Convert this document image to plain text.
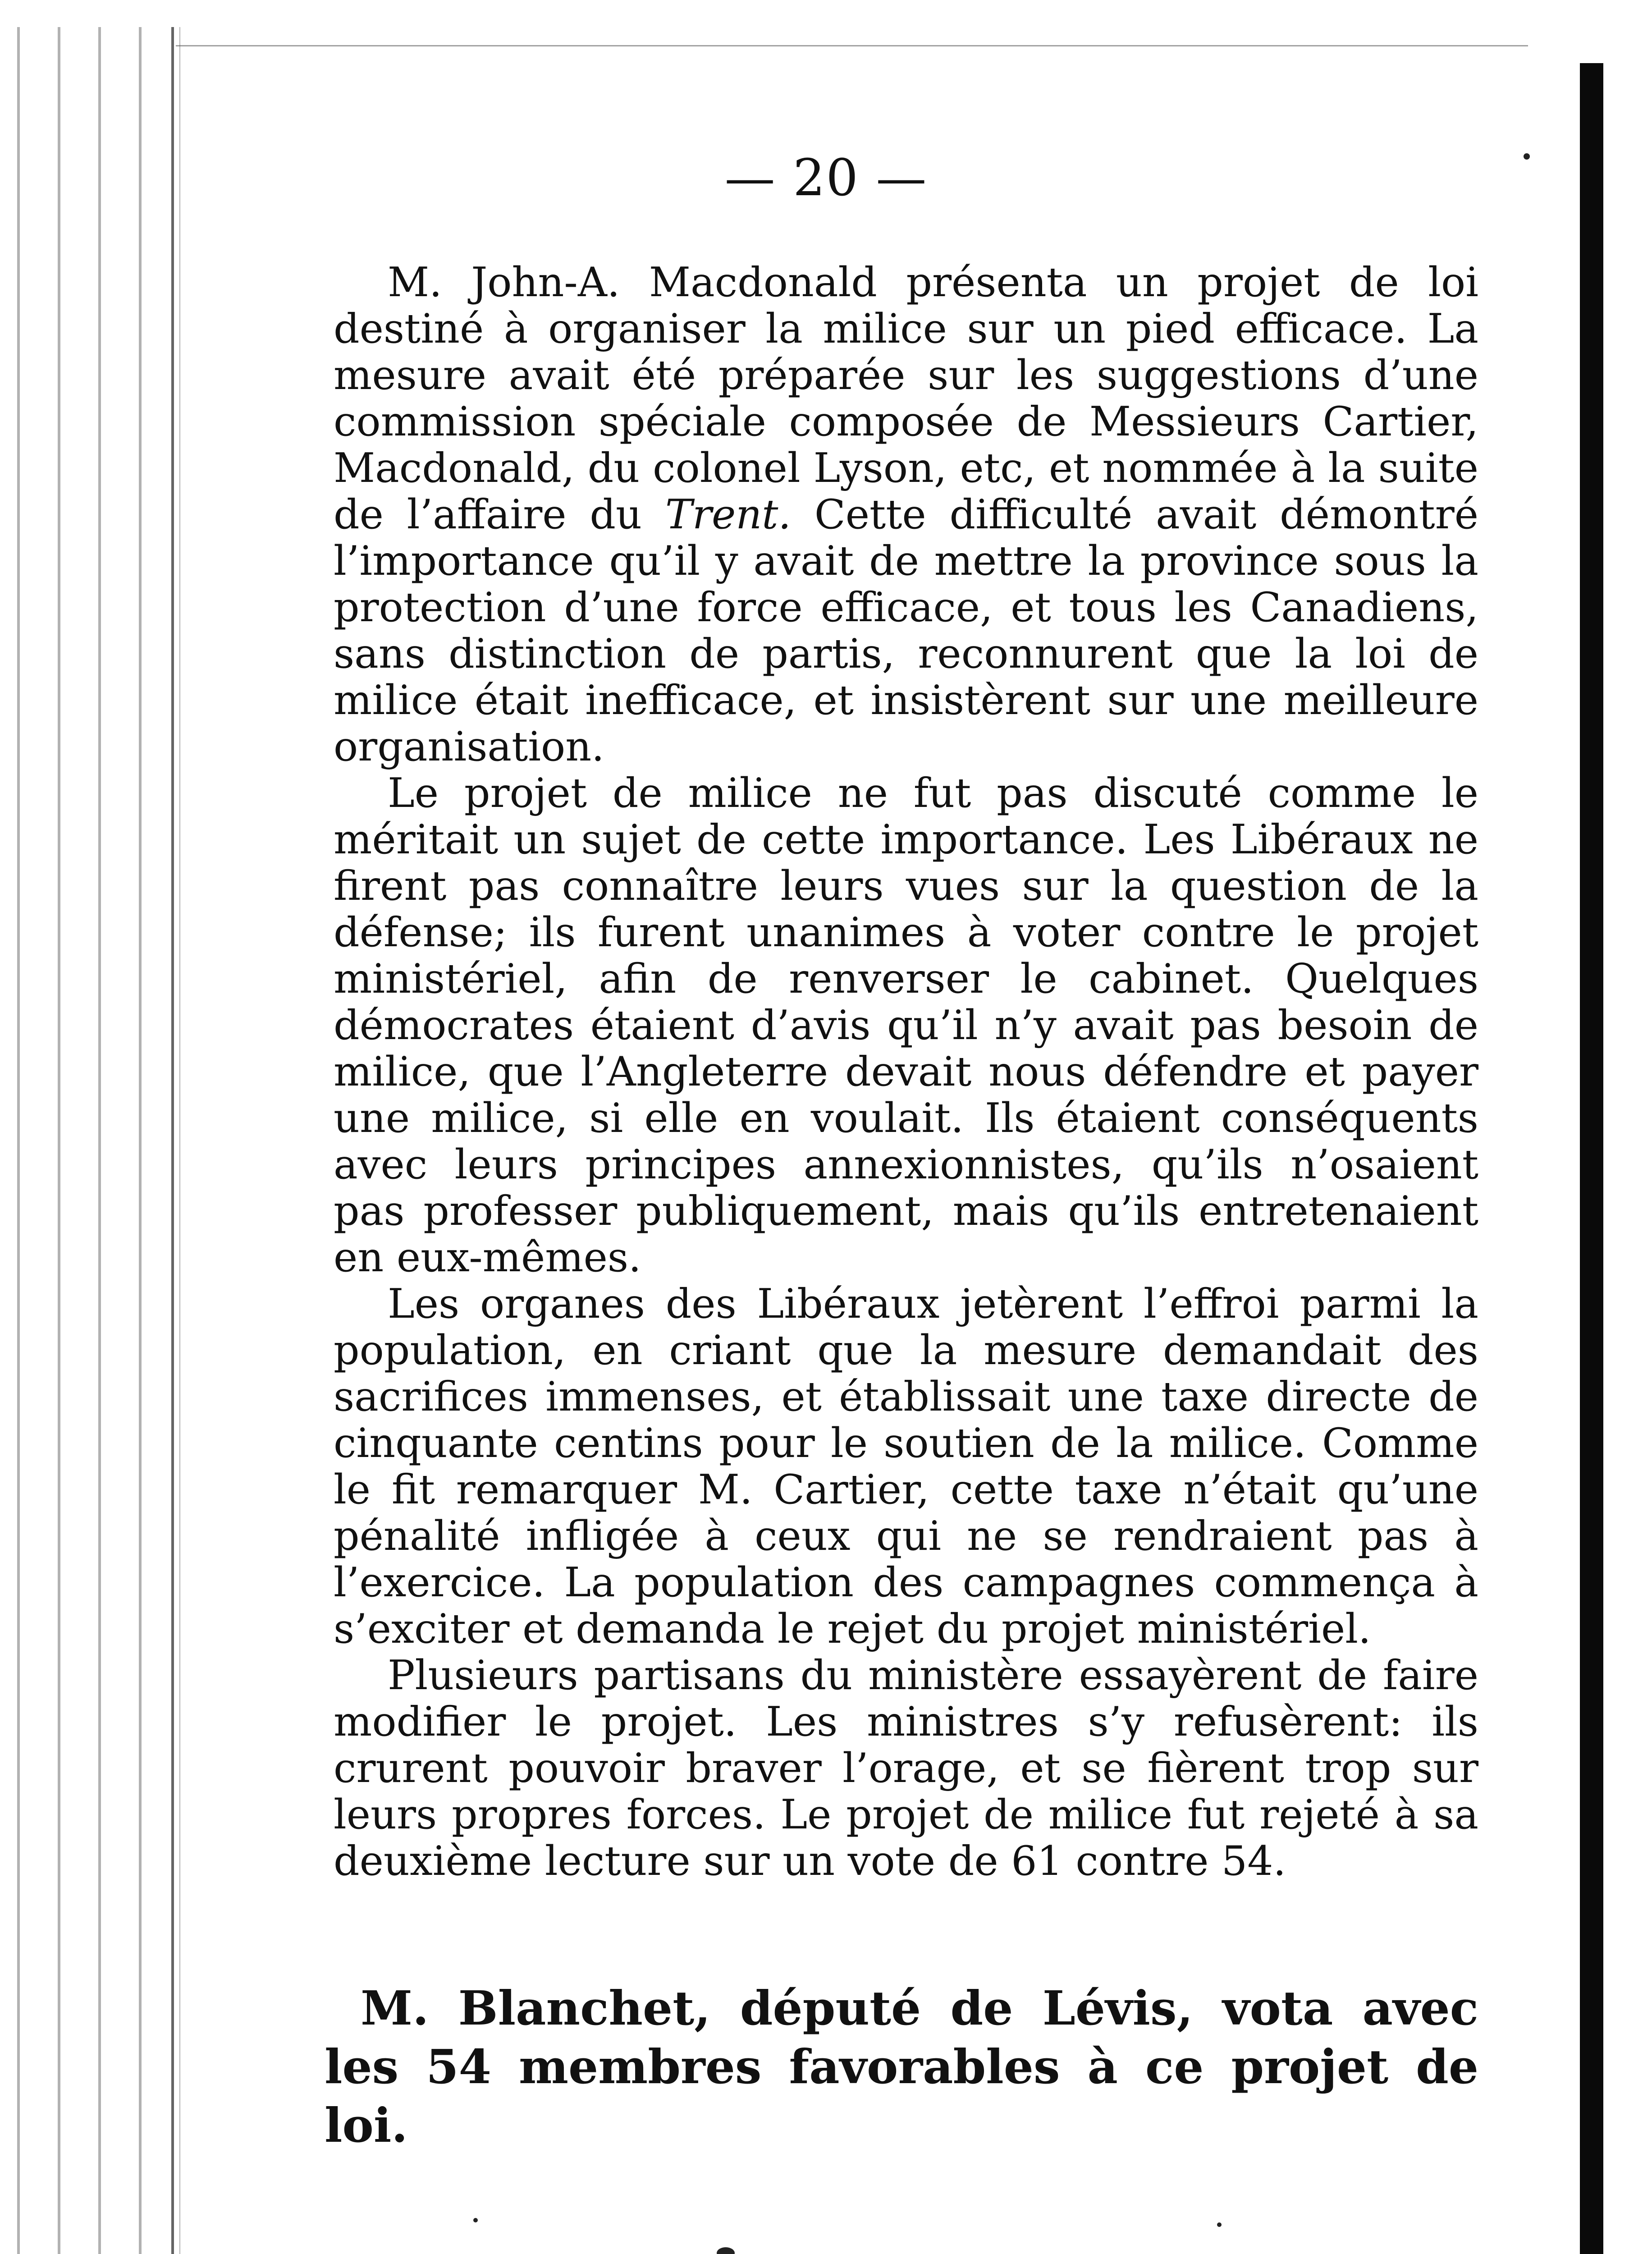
— 20 —

M. John-A. Macdonald présenta un projet de loi destiné à organiser la milice sur un pied efficace. La mesure avait été préparée sur les suggestions d’une commission spéciale composée de Messieurs Cartier, Macdonald, du colonel Lyson, etc, et nommée à la suite de l’affaire du Trent. Cette difficulté avait démontré l’importance qu’il y avait de mettre la province sous la protection d’une force efficace, et tous les Canadiens, sans distinction de partis, reconnurent que la loi de milice était inefficace, et insistèrent sur une meilleure organisation.

Le projet de milice ne fut pas discuté comme le méritait un sujet de cette importance. Les Libéraux ne firent pas connaître leurs vues sur la question de la défense; ils furent unanimes à voter contre le projet ministériel, afin de renverser le cabinet. Quelques démocrates étaient d’avis qu’il n’y avait pas besoin de milice, que l’Angleterre devait nous défendre et payer une milice, si elle en voulait. Ils étaient conséquents avec leurs principes annexionnistes, qu’ils n’osaient pas professer publiquement, mais qu’ils entretenaient en eux-mêmes.

Les organes des Libéraux jetèrent l’effroi parmi la population, en criant que la mesure demandait des sacrifices immenses, et établissait une taxe directe de cinquante centins pour le soutien de la milice. Comme le fit remarquer M. Cartier, cette taxe n’était qu’une pénalité infligée à ceux qui ne se rendraient pas à l’exercice. La population des campagnes commença à s’exciter et demanda le rejet du projet ministériel.

Plusieurs partisans du ministère essayèrent de faire modifier le projet. Les ministres s’y refusèrent: ils crurent pouvoir braver l’orage, et se fièrent trop sur leurs propres forces. Le projet de milice fut rejeté à sa deuxième lecture sur un vote de 61 contre 54.

M. Blanchet, député de Lévis, vota avec les 54 membres favorables à ce projet de loi.
